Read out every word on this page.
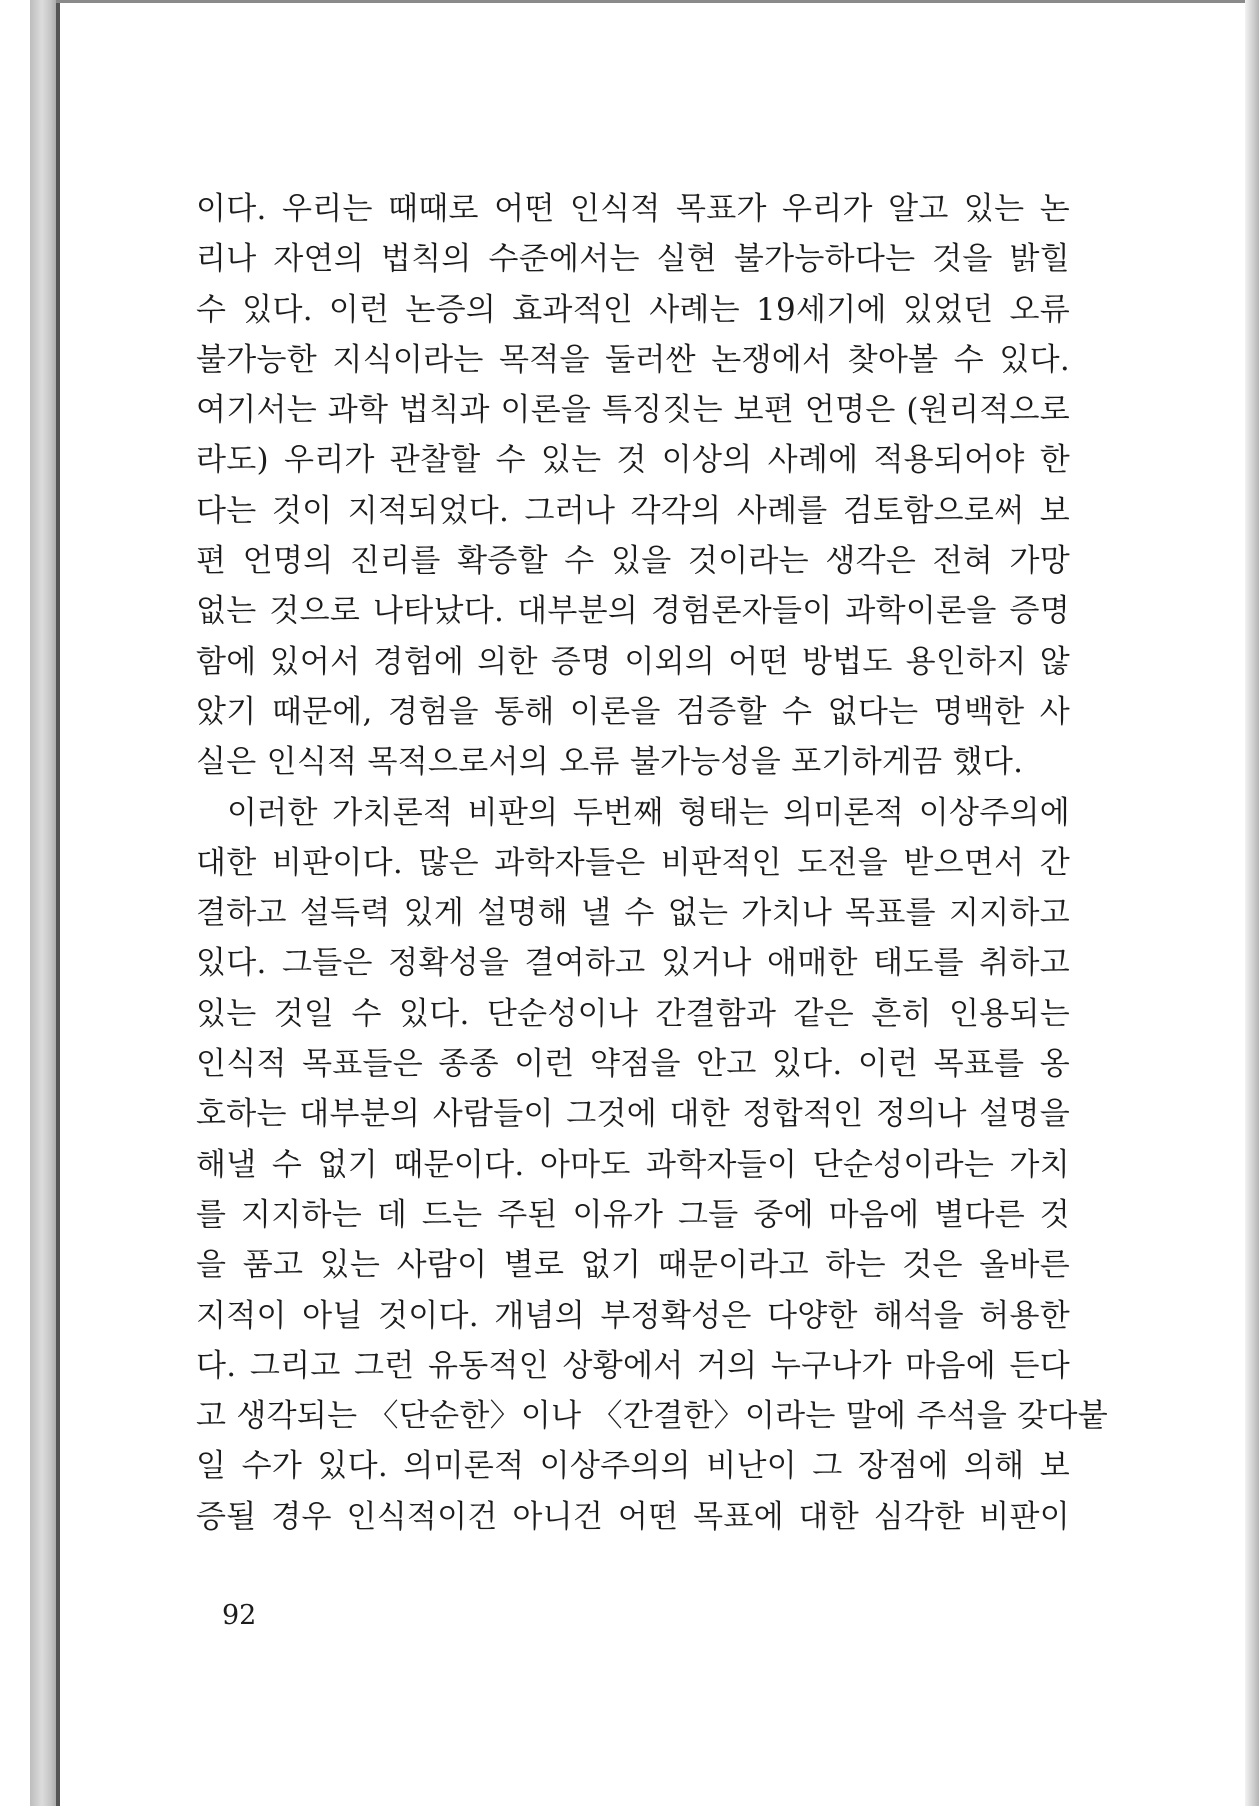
이다. 우리는 때때로 어떤 인식적 목표가 우리가 알고 있는 논
리나 자연의 법칙의 수준에서는 실현 불가능하다는 것을 밝힐
수 있다. 이런 논증의 효과적인 사례는 19세기에 있었던 오류
불가능한 지식이라는 목적을 둘러싼 논쟁에서 찾아볼 수 있다.
여기서는 과학 법칙과 이론을 특징짓는 보편 언명은 (원리적으로
라도) 우리가 관찰할 수 있는 것 이상의 사례에 적용되어야 한
다는 것이 지적되었다. 그러나 각각의 사례를 검토함으로써 보
편 언명의 진리를 확증할 수 있을 것이라는 생각은 전혀 가망
없는 것으로 나타났다. 대부분의 경험론자들이 과학이론을 증명
함에 있어서 경험에 의한 증명 이외의 어떤 방법도 용인하지 않
았기 때문에, 경험을 통해 이론을 검증할 수 없다는 명백한 사
실은 인식적 목적으로서의 오류 불가능성을 포기하게끔 했다.
이러한 가치론적 비판의 두번째 형태는 의미론적 이상주의에
대한 비판이다. 많은 과학자들은 비판적인 도전을 받으면서 간
결하고 설득력 있게 설명해 낼 수 없는 가치나 목표를 지지하고
있다. 그들은 정확성을 결여하고 있거나 애매한 태도를 취하고
있는 것일 수 있다. 단순성이나 간결함과 같은 흔히 인용되는
인식적 목표들은 종종 이런 약점을 안고 있다. 이런 목표를 옹
호하는 대부분의 사람들이 그것에 대한 정합적인 정의나 설명을
해낼 수 없기 때문이다. 아마도 과학자들이 단순성이라는 가치
를 지지하는 데 드는 주된 이유가 그들 중에 마음에 별다른 것
을 품고 있는 사람이 별로 없기 때문이라고 하는 것은 올바른
지적이 아닐 것이다. 개념의 부정확성은 다양한 해석을 허용한
다. 그리고 그런 유동적인 상황에서 거의 누구나가 마음에 든다
고 생각되는 〈단순한〉이나 〈간결한〉이라는 말에 주석을 갖다붙
일 수가 있다. 의미론적 이상주의의 비난이 그 장점에 의해 보
증될 경우 인식적이건 아니건 어떤 목표에 대한 심각한 비판이
92
